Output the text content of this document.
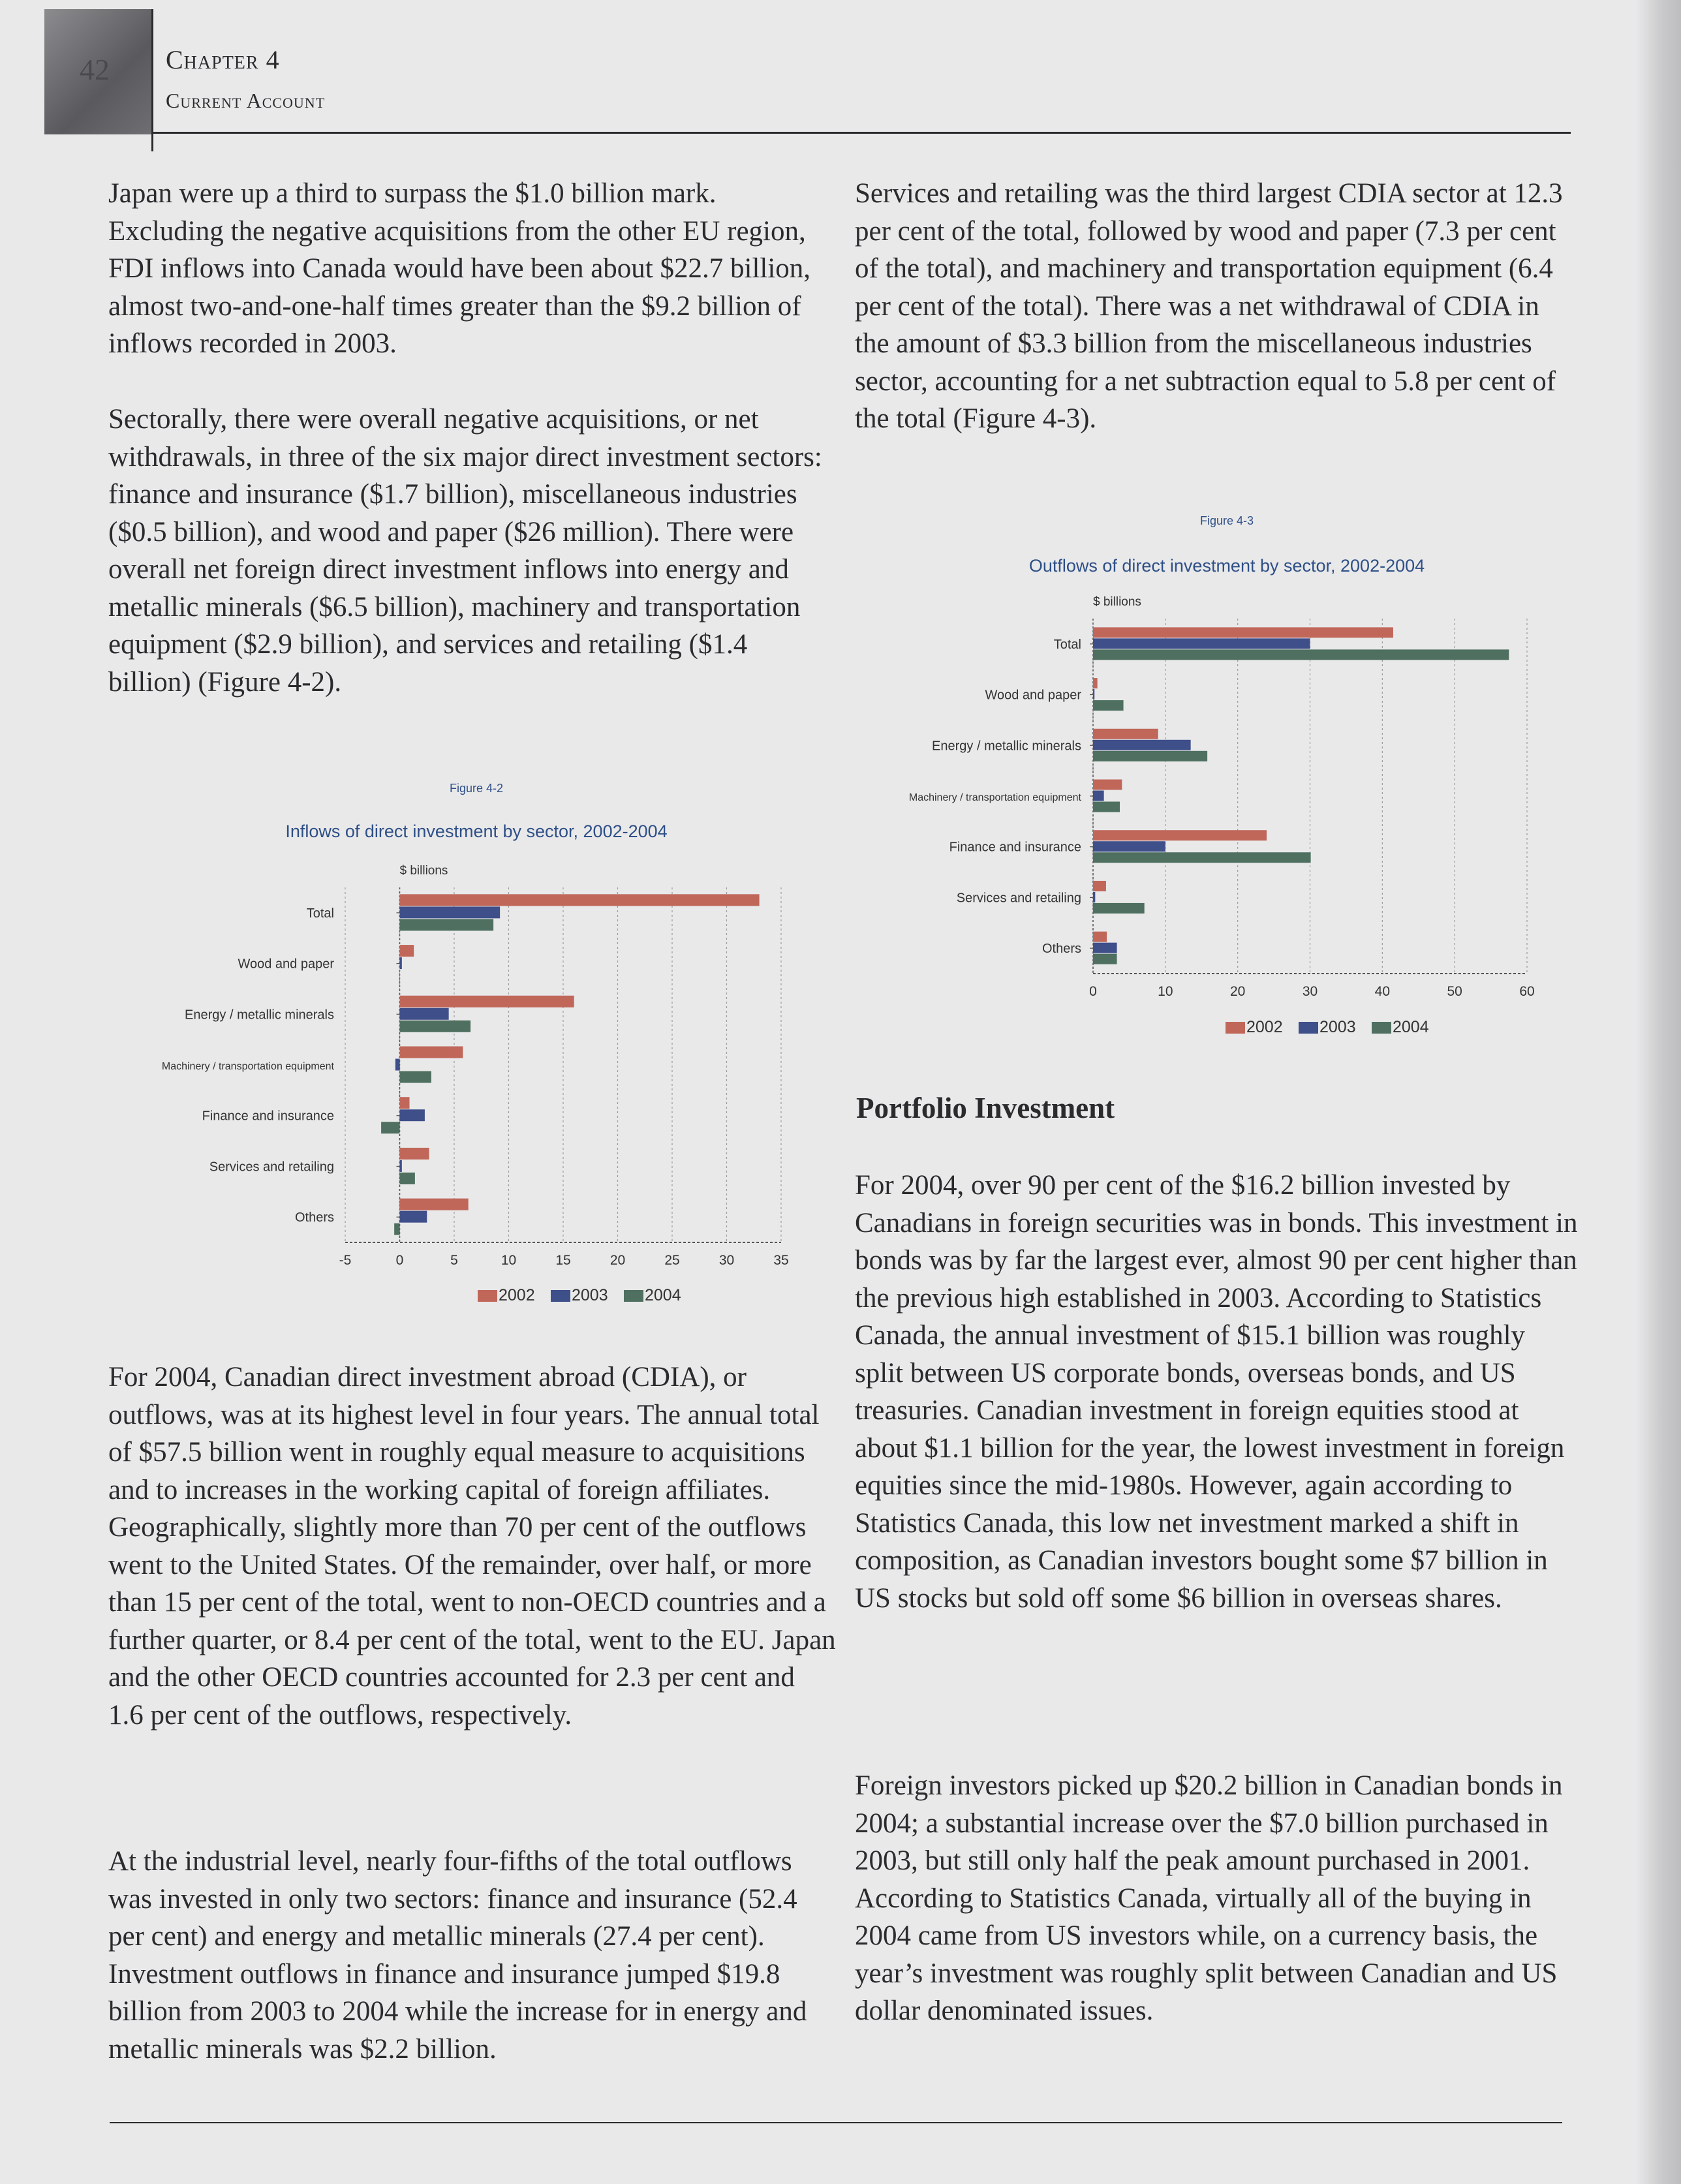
42 Chapter 4
Current Account

Japan were up a third to surpass the $1.0 billion mark. Excluding the negative acquisitions from the other EU region, FDI inflows into Canada would have been about $22.7 billion, almost two-and-one-half times greater than the $9.2 billion of inflows recorded in 2003.

Sectorally, there were overall negative acquisitions, or net withdrawals, in three of the six major direct investment sectors: finance and insurance ($1.7 billion), miscellaneous industries ($0.5 billion), and wood and paper ($26 million). There were overall net foreign direct investment inflows into energy and metallic minerals ($6.5 billion), machinery and transportation equipment ($2.9 billion), and services and retailing ($1.4 billion) (Figure 4-2).

Figure 4-2
Inflows of direct investment by sector, 2002-2004
$ billions
-5	0	5	10	15	20	25	30	35
Total
Wood and paper
Energy / metallic minerals
Machinery / transportation equipment
Finance and insurance
Services and retailing
Others
2002 2003 2004

For 2004, Canadian direct investment abroad (CDIA), or outflows, was at its highest level in four years. The annual total of $57.5 billion went in roughly equal measure to acquisitions and to increases in the working capital of foreign affiliates. Geographically, slightly more than 70 per cent of the outflows went to the United States. Of the remainder, over half, or more than 15 per cent of the total, went to non-OECD countries and a further quarter, or 8.4 per cent of the total, went to the EU. Japan and the other OECD countries accounted for 2.3 per cent and 1.6 per cent of the outflows, respectively.

At the industrial level, nearly four-fifths of the total outflows was invested in only two sectors: finance and insurance (52.4 per cent) and energy and metallic minerals (27.4 per cent). Investment outflows in finance and insurance jumped $19.8 billion from 2003 to 2004 while the increase for in energy and metallic minerals was $2.2 billion.

Services and retailing was the third largest CDIA sector at 12.3 per cent of the total, followed by wood and paper (7.3 per cent of the total), and machinery and transportation equipment (6.4 per cent of the total). There was a net withdrawal of CDIA in the amount of $3.3 billion from the miscellaneous industries sector, accounting for a net subtraction equal to 5.8 per cent of the total (Figure 4-3).

Figure 4-3
Outflows of direct investment by sector, 2002-2004
$ billions
0	10	20	30	40	50	60
Total
Wood and paper
Energy / metallic minerals
Machinery / transportation equipment
Finance and insurance
Services and retailing
Others
2002 2003 2004
Portfolio Investment

For 2004, over 90 per cent of the $16.2 billion invested by Canadians in foreign securities was in bonds. This investment in bonds was by far the largest ever, almost 90 per cent higher than the previous high established in 2003. According to Statistics Canada, the annual investment of $15.1 billion was roughly split between US corporate bonds, overseas bonds, and US treasuries. Canadian investment in foreign equities stood at about $1.1 billion for the year, the lowest investment in foreign equities since the mid-1980s. However, again according to Statistics Canada, this low net investment marked a shift in composition, as Canadian investors bought some $7 billion in US stocks but sold off some $6 billion in overseas shares.

Foreign investors picked up $20.2 billion in Canadian bonds in 2004; a substantial increase over the $7.0 billion purchased in 2003, but still only half the peak amount purchased in 2001. According to Statistics Canada, virtually all of the buying in 2004 came from US investors while, on a currency basis, the year’s investment was roughly split between Canadian and US dollar denominated issues.
